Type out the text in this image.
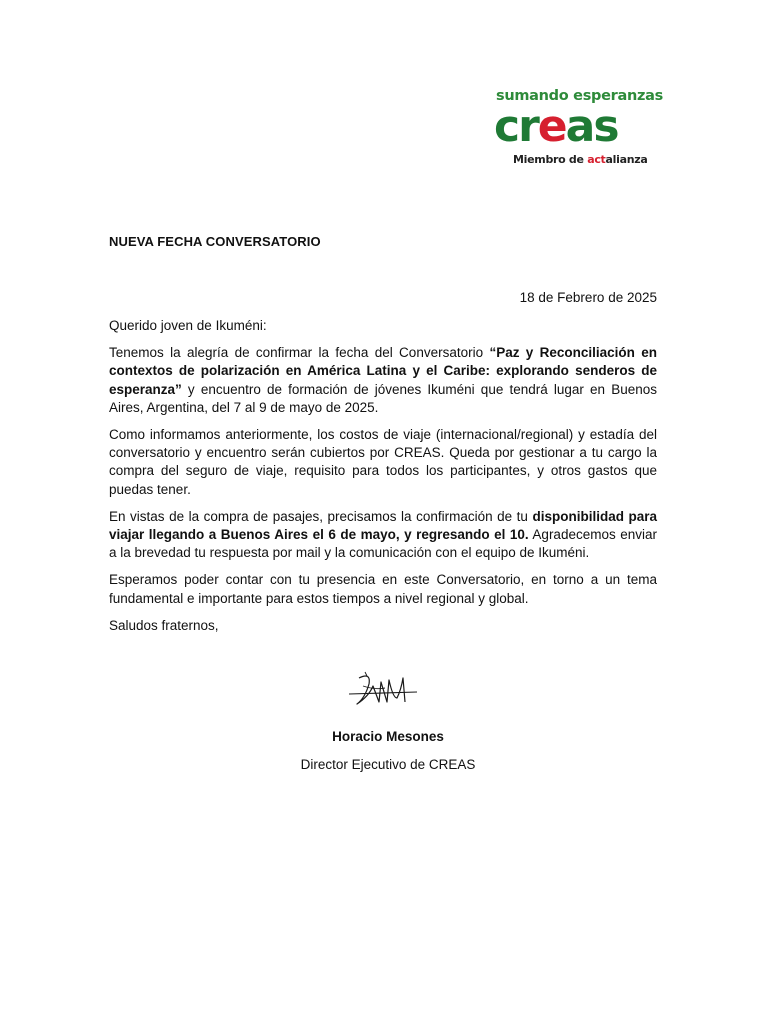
sumando esperanzas
creas
Miembro de actalianza
NUEVA FECHA CONVERSATORIO
18 de Febrero de 2025

Querido joven de Ikuméni:

Tenemos la alegría de confirmar la fecha del Conversatorio “Paz y Reconciliación en contextos de polarización en América Latina y el Caribe: explorando senderos de esperanza” y encuentro de formación de jóvenes Ikuméni que tendrá lugar en Buenos Aires, Argentina, del 7 al 9 de mayo de 2025.

Como informamos anteriormente, los costos de viaje (internacional/regional) y estadía del conversatorio y encuentro serán cubiertos por CREAS. Queda por gestionar a tu cargo la compra del seguro de viaje, requisito para todos los participantes, y otros gastos que puedas tener.

En vistas de la compra de pasajes, precisamos la confirmación de tu disponibilidad para viajar llegando a Buenos Aires el 6 de mayo, y regresando el 10. Agradecemos enviar a la brevedad tu respuesta por mail y la comunicación con el equipo de Ikuméni.

Esperamos poder contar con tu presencia en este Conversatorio, en torno a un tema fundamental e importante para estos tiempos a nivel regional y global.

Saludos fraternos,

Horacio Mesones
Director Ejecutivo de CREAS
